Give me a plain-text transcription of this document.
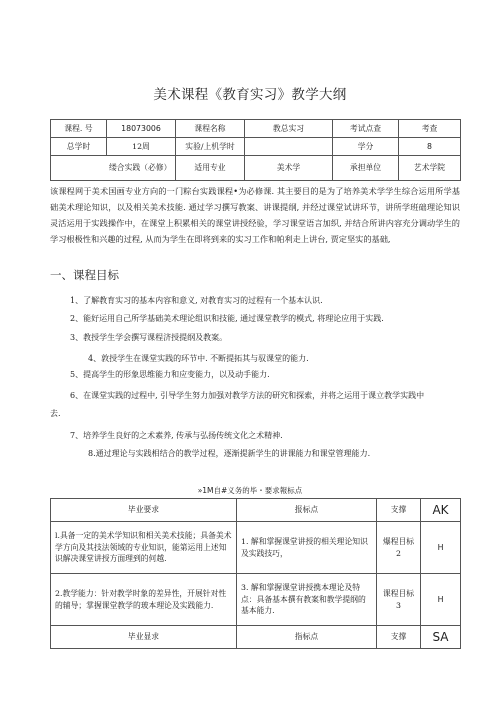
美术课程《教育实习》教学大纲
课程. 号	18073006	课程名称	教总实习	考试点查	考查
总学时	12周	实验/上机学时		学分	8
缕合实践（必修）		适用专业	美术学	承担单位	艺术学院
该课程网于美术国画专业方向的一门粽台实践课程•为必修课. 其主要目的是为了培养美术学学生综合运用所学基础美术理论知识，以及相关美术技能. 通过学习撰写教案、讲课提纲, 并经过课堂试讲环节，讲所学班础理论知识灵活运用于实践操作中，在课堂上积累相关的课堂讲授经验，学习课堂语言加织, 并结合所讲内容充分调动学生的学习根极性和兴趣的过程, 从而为学生在即将到来的实习工作和帕利走上讲台, 贾定坚实的基础,
一、课程目标
1、了解教育实习的基本内容和意义, 对教育实习的过程有一个基本认识.
2、能好运用自己所学基础美术理论组识和技能, 通过课堂教学的模式, 将理论应用于实践.
3、教授学生学会撰写课程济授提纲及教案。
4、敦授学生在课堂实践的环节中. 不断提拓其与驭课堂的能力.
5、提高学生的形象思维能力和应变能力，以及动手能力.
6、在课堂实践的过程中, 引导学生努力加强对教学方法的研究和探索，并将之运用于课立教学实践中
去.
7、培养学生良好的之术素养, 传承与弘扬传统文化之术精神.
8.通过理论与实践相结合的教学过程，逐渐提新学生的讲课能力和课堂管理能力.
»1M自#义务的毕・要求報标点
毕业要求	报标点	支撑	AK
l.具备一定的美术学知识和相关美术技能；具备美术学方向及其技法领域的专业知识，能第运用上述知识解决课堂讲授方面理到的何越.	1. 解和掌握课堂讲授的相关理论知识及实践技巧，	爆程目标2	H
2.教学能力：针对教学时象的差异性，开展针对性的辅导；掌握课堂教学的玻本理论及实践能力.	3. 解和掌握课堂讲授携本理论及特点：具备基本撰有教案和教学提纲的基本能力.	课程目标3	H
毕业显求	指标点	支撑	SA
